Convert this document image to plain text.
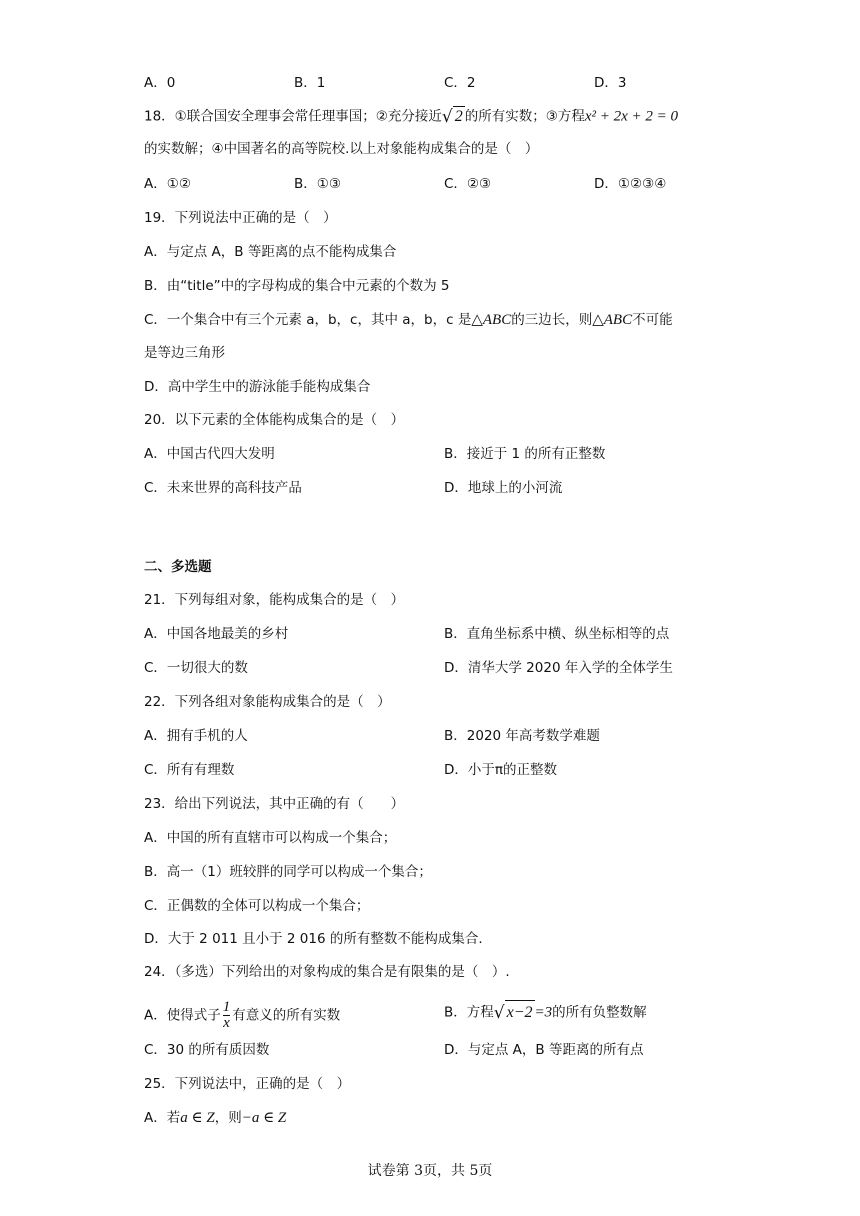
A．0	B．1	C．2	D．3
18．①联合国安全理事会常任理事国；②充分接近 √ 2 的所有实数；③方程x² + 2x + 2 = 0
的实数解；④中国著名的高等院校.以上对象能构成集合的是（　）
A．①②	B．①③	C．②③	D．①②③④
19．下列说法中正确的是（　）
A．与定点 A，B 等距离的点不能构成集合
B．由“title”中的字母构成的集合中元素的个数为 5
C．一个集合中有三个元素 a，b，c，其中 a，b，c 是△ABC的三边长，则△ABC不可能
是等边三角形
D．高中学生中的游泳能手能构成集合
20．以下元素的全体能构成集合的是（　）
A．中国古代四大发明	B．接近于 1 的所有正整数
C．未来世界的高科技产品	D．地球上的小河流
二、多选题
21．下列每组对象，能构成集合的是（　）
A．中国各地最美的乡村	B．直角坐标系中横、纵坐标相等的点
C．一切很大的数	D．清华大学 2020 年入学的全体学生
22．下列各组对象能构成集合的是（　）
A．拥有手机的人	B．2020 年高考数学难题
C．所有有理数	D．小于π的正整数
23．给出下列说法，其中正确的有（　　）
A．中国的所有直辖市可以构成一个集合；
B．高一（1）班较胖的同学可以构成一个集合；
C．正偶数的全体可以构成一个集合；
D．大于 2 011 且小于 2 016 的所有整数不能构成集合.
24．（多选）下列给出的对象构成的集合是有限集的是（　）.
A．使得式子 $\frac{1}{x}$ 有意义的所有实数	B．方程 √ x−2 =3的所有负整数解
C．30 的所有质因数	D．与定点 A，B 等距离的所有点
25．下列说法中，正确的是（　）
A．若a ∈ Z，则−a ∈ Z
试卷第 3页，共 5页
